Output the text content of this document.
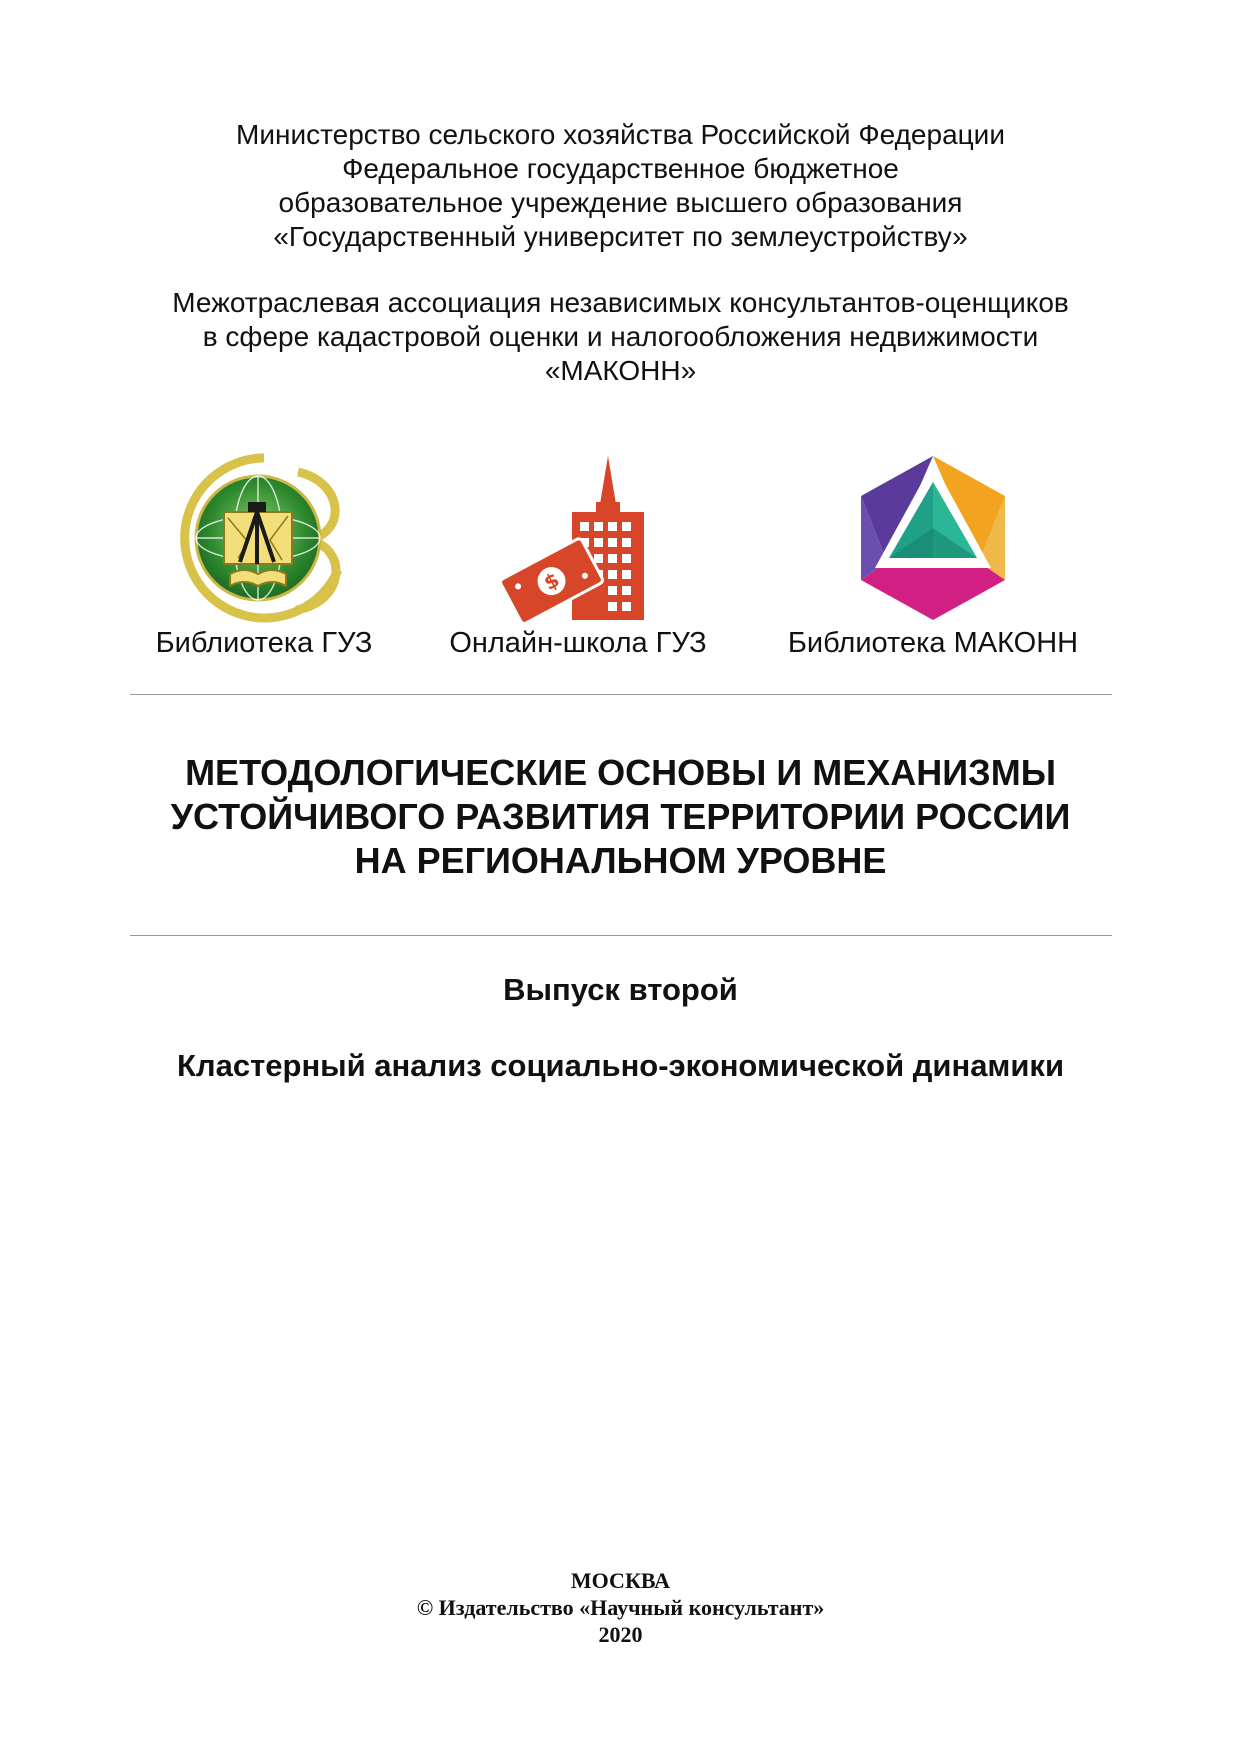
Министерство сельского хозяйства Российской Федерации
Федеральное государственное бюджетное
образовательное учреждение высшего образования
«Государственный университет по землеустройству»
Межотраслевая ассоциация независимых консультантов-оценщиков
в сфере кадастровой оценки и налогообложения недвижимости
«МАКОНН»
Библиотека ГУЗ
$
Онлайн-школа ГУЗ	Библиотека МАКОНН
МЕТОДОЛОГИЧЕСКИЕ ОСНОВЫ И МЕХАНИЗМЫ
УСТОЙЧИВОГО РАЗВИТИЯ ТЕРРИТОРИИ РОССИИ
НА РЕГИОНАЛЬНОМ УРОВНЕ
Выпуск второй
Кластерный анализ социально-экономической динамики
МОСКВА
© Издательство «Научный консультант»
2020
